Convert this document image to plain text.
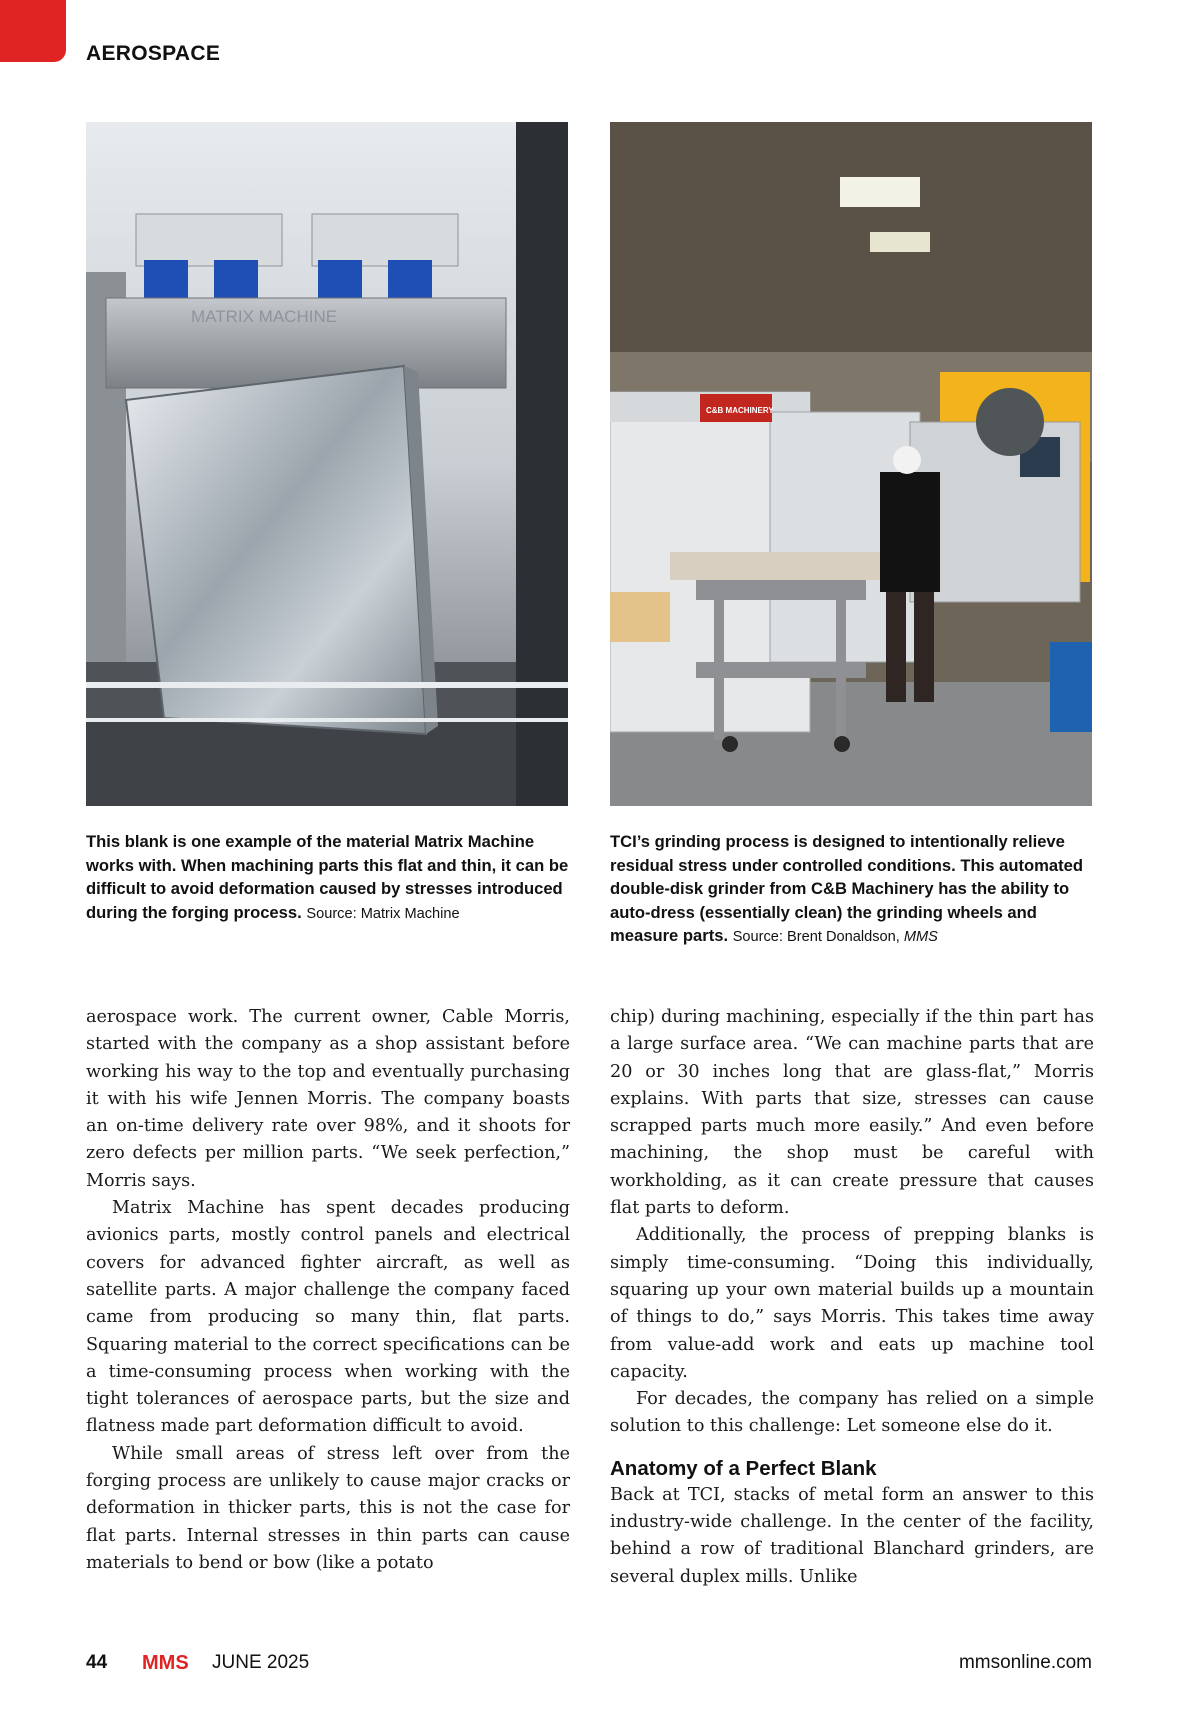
AEROSPACE
MATRIX MACHINE
C&B MACHINERY
This blank is one example of the material Matrix Machine works with. When machining parts this flat and thin, it can be difficult to avoid deformation caused by stresses introduced during the forging process. Source: Matrix Machine
TCI’s grinding process is designed to intentionally relieve residual stress under controlled conditions. This automated double-disk grinder from C&B Machinery has the ability to auto-dress (essentially clean) the grinding wheels and measure parts. Source: Brent Donaldson, MMS

aerospace work. The current owner, Cable Morris, started with the company as a shop assistant before working his way to the top and eventually purchasing it with his wife Jennen Morris. The company boasts an on-time delivery rate over 98%, and it shoots for zero defects per million parts. “We seek perfection,” Morris says.

Matrix Machine has spent decades producing avionics parts, mostly control panels and electrical covers for advanced fighter aircraft, as well as satellite parts. A major challenge the company faced came from producing so many thin, flat parts. Squaring material to the correct specifications can be a time-consuming process when working with the tight tolerances of aerospace parts, but the size and flatness made part deformation difficult to avoid.

While small areas of stress left over from the forging process are unlikely to cause major cracks or deformation in thicker parts, this is not the case for flat parts. Internal stresses in thin parts can cause materials to bend or bow (like a potato

chip) during machining, especially if the thin part has a large surface area. “We can machine parts that are 20 or 30 inches long that are glass-flat,” Morris explains. With parts that size, stresses can cause scrapped parts much more easily.” And even before machining, the shop must be careful with workholding, as it can create pressure that causes flat parts to deform.

Additionally, the process of prepping blanks is simply time-consuming. “Doing this individually, squaring up your own material builds up a mountain of things to do,” says Morris. This takes time away from value-add work and eats up machine tool capacity.

For decades, the company has relied on a simple solution to this challenge: Let someone else do it.

Anatomy of a Perfect Blank

Back at TCI, stacks of metal form an answer to this industry-wide challenge. In the center of the facility, behind a row of traditional Blanchard grinders, are several duplex mills. Unlike

44 MMS JUNE 2025	mmsonline.com
